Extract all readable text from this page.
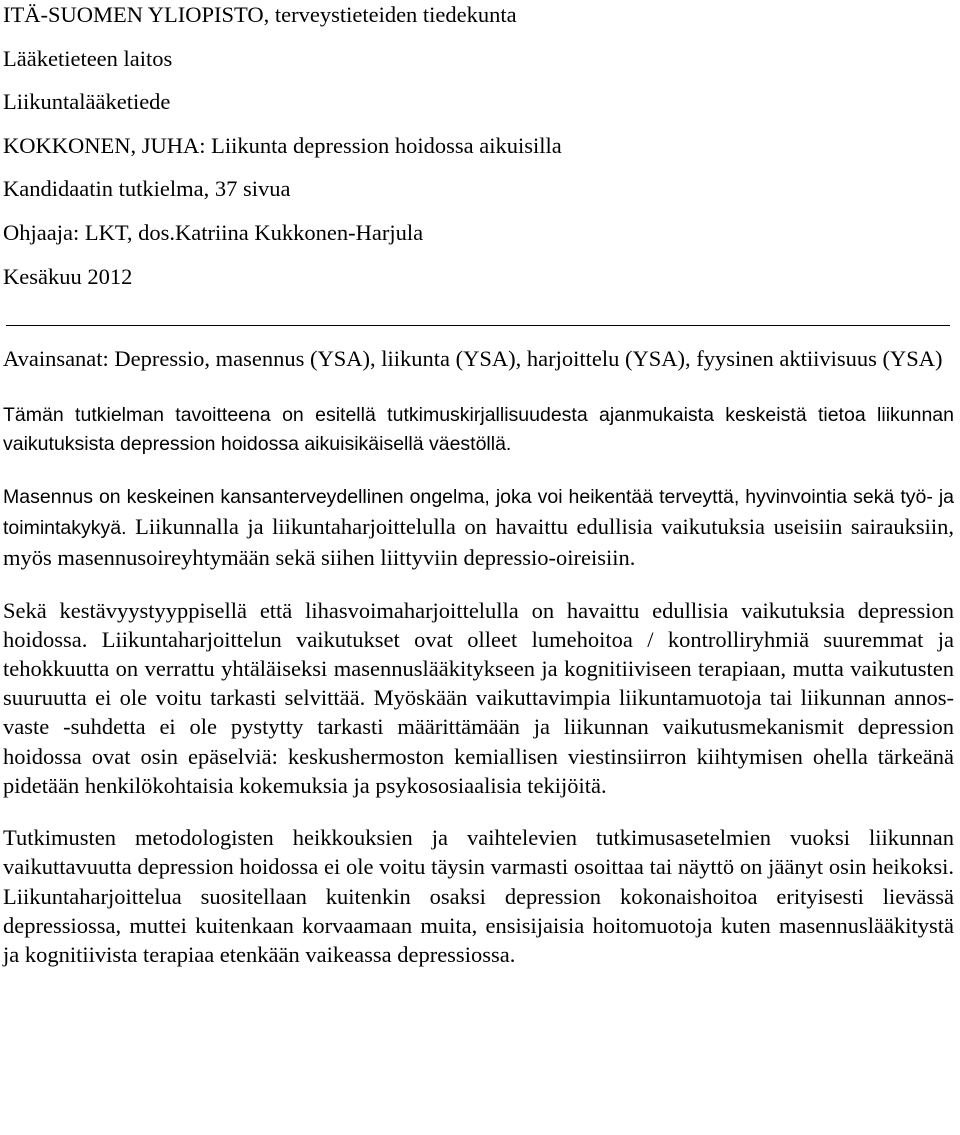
ITÄ-SUOMEN YLIOPISTO, terveystieteiden tiedekunta
Lääketieteen laitos
Liikuntalääketiede
KOKKONEN, JUHA: Liikunta depression hoidossa aikuisilla
Kandidaatin tutkielma, 37 sivua
Ohjaaja: LKT, dos.Katriina Kukkonen-Harjula
Kesäkuu 2012
Avainsanat: Depressio, masennus (YSA), liikunta (YSA), harjoittelu (YSA), fyysinen aktiivisuus (YSA)
Tämän tutkielman tavoitteena on esitellä tutkimuskirjallisuudesta ajanmukaista keskeistä tietoa liikunnan vaikutuksista depression hoidossa aikuisikäisellä väestöllä.
Masennus on keskeinen kansanterveydellinen ongelma, joka voi heikentää terveyttä, hyvinvointia sekä työ- ja toimintakykyä. Liikunnalla ja liikuntaharjoittelulla on havaittu edullisia vaikutuksia useisiin sairauksiin, myös masennusoireyhtymään sekä siihen liittyviin depressio-oireisiin.
Sekä kestävyystyyppisellä että lihasvoimaharjoittelulla on havaittu edullisia vaikutuksia depression hoidossa. Liikuntaharjoittelun vaikutukset ovat olleet lumehoitoa / kontrolliryhmiä suuremmat ja tehokkuutta on verrattu yhtäläiseksi masennuslääkitykseen ja kognitiiviseen terapiaan, mutta vaikutusten suuruutta ei ole voitu tarkasti selvittää. Myöskään vaikuttavimpia liikuntamuotoja tai liikunnan annos-vaste -suhdetta ei ole pystytty tarkasti määrittämään ja liikunnan vaikutusmekanismit depression hoidossa ovat osin epäselviä: keskushermoston kemiallisen viestinsiirron kiihtymisen ohella tärkeänä pidetään henkilökohtaisia kokemuksia ja psykososiaalisia tekijöitä.
Tutkimusten metodologisten heikkouksien ja vaihtelevien tutkimusasetelmien vuoksi liikunnan vaikuttavuutta depression hoidossa ei ole voitu täysin varmasti osoittaa tai näyttö on jäänyt osin heikoksi. Liikuntaharjoittelua suositellaan kuitenkin osaksi depression kokonaishoitoa erityisesti lievässä depressiossa, muttei kuitenkaan korvaamaan muita, ensisijaisia hoitomuotoja kuten masennuslääkitystä ja kognitiivista terapiaa etenkään vaikeassa depressiossa.
